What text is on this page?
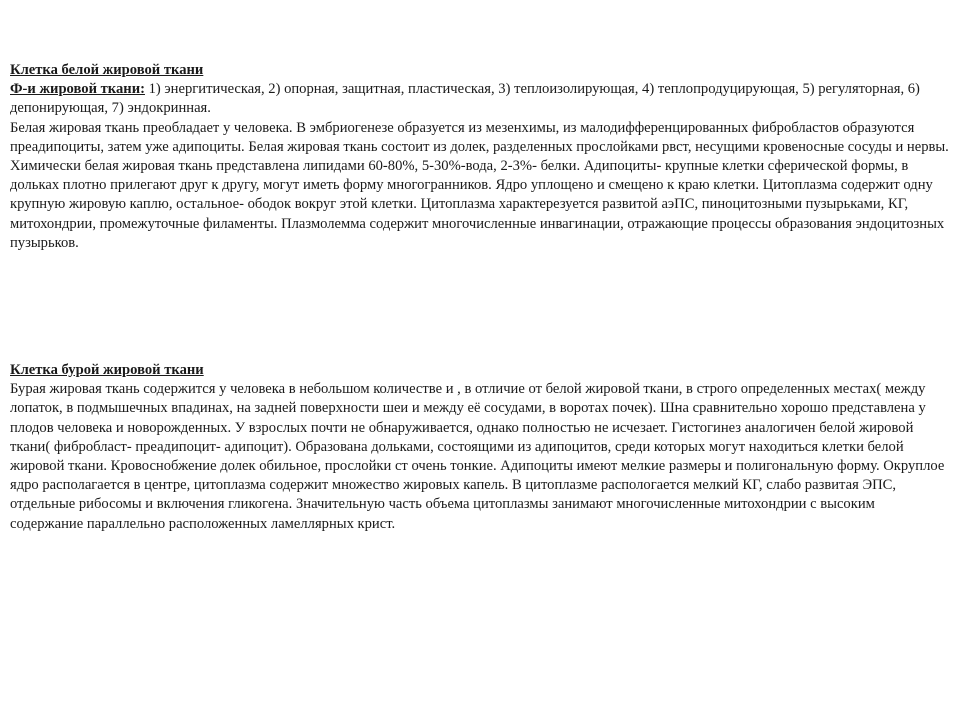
Клетка белой жировой ткани
Ф-и жировой ткани: 1) энергитическая, 2) опорная, защитная, пластическая, 3) теплоизолирующая, 4) теплопродуцирующая, 5) регуляторная, 6) депонирующая, 7) эндокринная.
Белая жировая ткань преобладает у человека. В эмбриогенезе образуется из мезенхимы, из малодифференцированных фибробластов образуются преадипоциты, затем уже адипоциты. Белая жировая ткань состоит из долек, разделенных прослойками рвст, несущими кровеносные сосуды и нервы. Химически белая жировая ткань представлена липидами 60-80%, 5-30%-вода, 2-3%- белки. Адипоциты- крупные клетки сферической формы, в дольках плотно прилегают друг к другу, могут иметь форму многогранников. Ядро уплощено и смещено к краю клетки. Цитоплазма содержит одну крупную жировую каплю, остальное- ободок вокруг этой клетки. Цитоплазма характерезуется развитой аэПС, пиноцитозными пузырьками, КГ, митохондрии, промежуточные филаменты. Плазмолемма содержит многочисленные инвагинации, отражающие процессы образования эндоцитозных пузырьков.
Клетка бурой жировой ткани
Бурая жировая ткань содержится у человека в небольшом количестве и , в отличие от белой жировой ткани, в строго определенных местах( между лопаток, в подмышечных впадинах, на задней поверхности шеи и между её сосудами, в воротах почек). Шна сравнительно хорошо представлена у плодов человека и новорожденных. У взрослых почти не обнаруживается, однако полностью не исчезает. Гистогинез аналогичен белой жировой ткани( фибробласт- преадипоцит- адипоцит). Образована дольками, состоящими из адипоцитов, среди которых могут находиться клетки белой жировой ткани. Кровоснобжение долек обильное, прослойки ст очень тонкие. Адипоциты имеют мелкие размеры и полигональную форму. Окруплое ядро располагается в центре, цитоплазма содержит множество жировых капель. В цитоплазме распологается мелкий КГ, слабо развитая ЭПС, отдельные рибосомы и включения гликогена. Значительную часть объема цитоплазмы занимают многочисленные митохондрии с высоким содержание параллельно расположенных ламеллярных крист.
